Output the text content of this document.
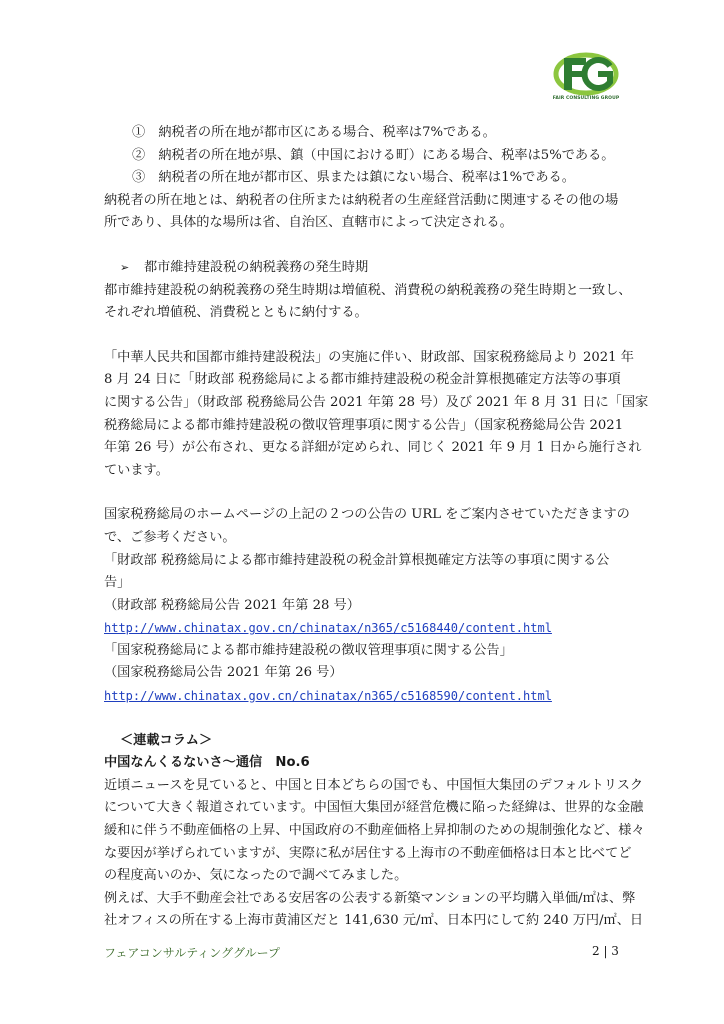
FAIR CONSULTING GROUP
①　納税者の所在地が都市区にある場合、税率は7%である。
②　納税者の所在地が県、鎮（中国における町）にある場合、税率は5%である。
③　納税者の所在地が都市区、県または鎮にない場合、税率は1%である。
納税者の所在地とは、納税者の住所または納税者の生産経営活動に関連するその他の場
所であり、具体的な場所は省、自治区、直轄市によって決定される。
➢ 都市維持建設税の納税義務の発生時期
都市維持建設税の納税義務の発生時期は増値税、消費税の納税義務の発生時期と一致し、
それぞれ増値税、消費税とともに納付する。
「中華人民共和国都市維持建設税法」の実施に伴い、財政部、国家税務総局より 2021 年
8 月 24 日に「財政部 税務総局による都市維持建設税の税金計算根拠確定方法等の事項
に関する公告」（財政部 税務総局公告 2021 年第 28 号）及び 2021 年 8 月 31 日に「国家
税務総局による都市維持建設税の徴収管理事項に関する公告」（国家税務総局公告 2021
年第 26 号）が公布され、更なる詳細が定められ、同じく 2021 年 9 月 1 日から施行され
ています。
国家税務総局のホームページの上記の２つの公告の URL をご案内させていただきますの
で、ご参考ください。
「財政部 税務総局による都市維持建設税の税金計算根拠確定方法等の事項に関する公
告」
（財政部 税務総局公告 2021 年第 28 号）
http://www.chinatax.gov.cn/chinatax/n365/c5168440/content.html
「国家税務総局による都市維持建設税の徴収管理事項に関する公告」
（国家税務総局公告 2021 年第 26 号）
http://www.chinatax.gov.cn/chinatax/n365/c5168590/content.html
＜連載コラム＞
中国なんくるないさ～通信　No.6
近頃ニュースを見ていると、中国と日本どちらの国でも、中国恒大集団のデフォルトリスク
について大きく報道されています。中国恒大集団が経営危機に陥った経緯は、世界的な金融
緩和に伴う不動産価格の上昇、中国政府の不動産価格上昇抑制のための規制強化など、様々
な要因が挙げられていますが、実際に私が居住する上海市の不動産価格は日本と比べてど
の程度高いのか、気になったので調べてみました。
例えば、大手不動産会社である安居客の公表する新築マンションの平均購入単価/㎡は、弊
社オフィスの所在する上海市黄浦区だと 141,630 元/㎡、日本円にして約 240 万円/㎡、日
フェアコンサルティンググループ	2 | 3
